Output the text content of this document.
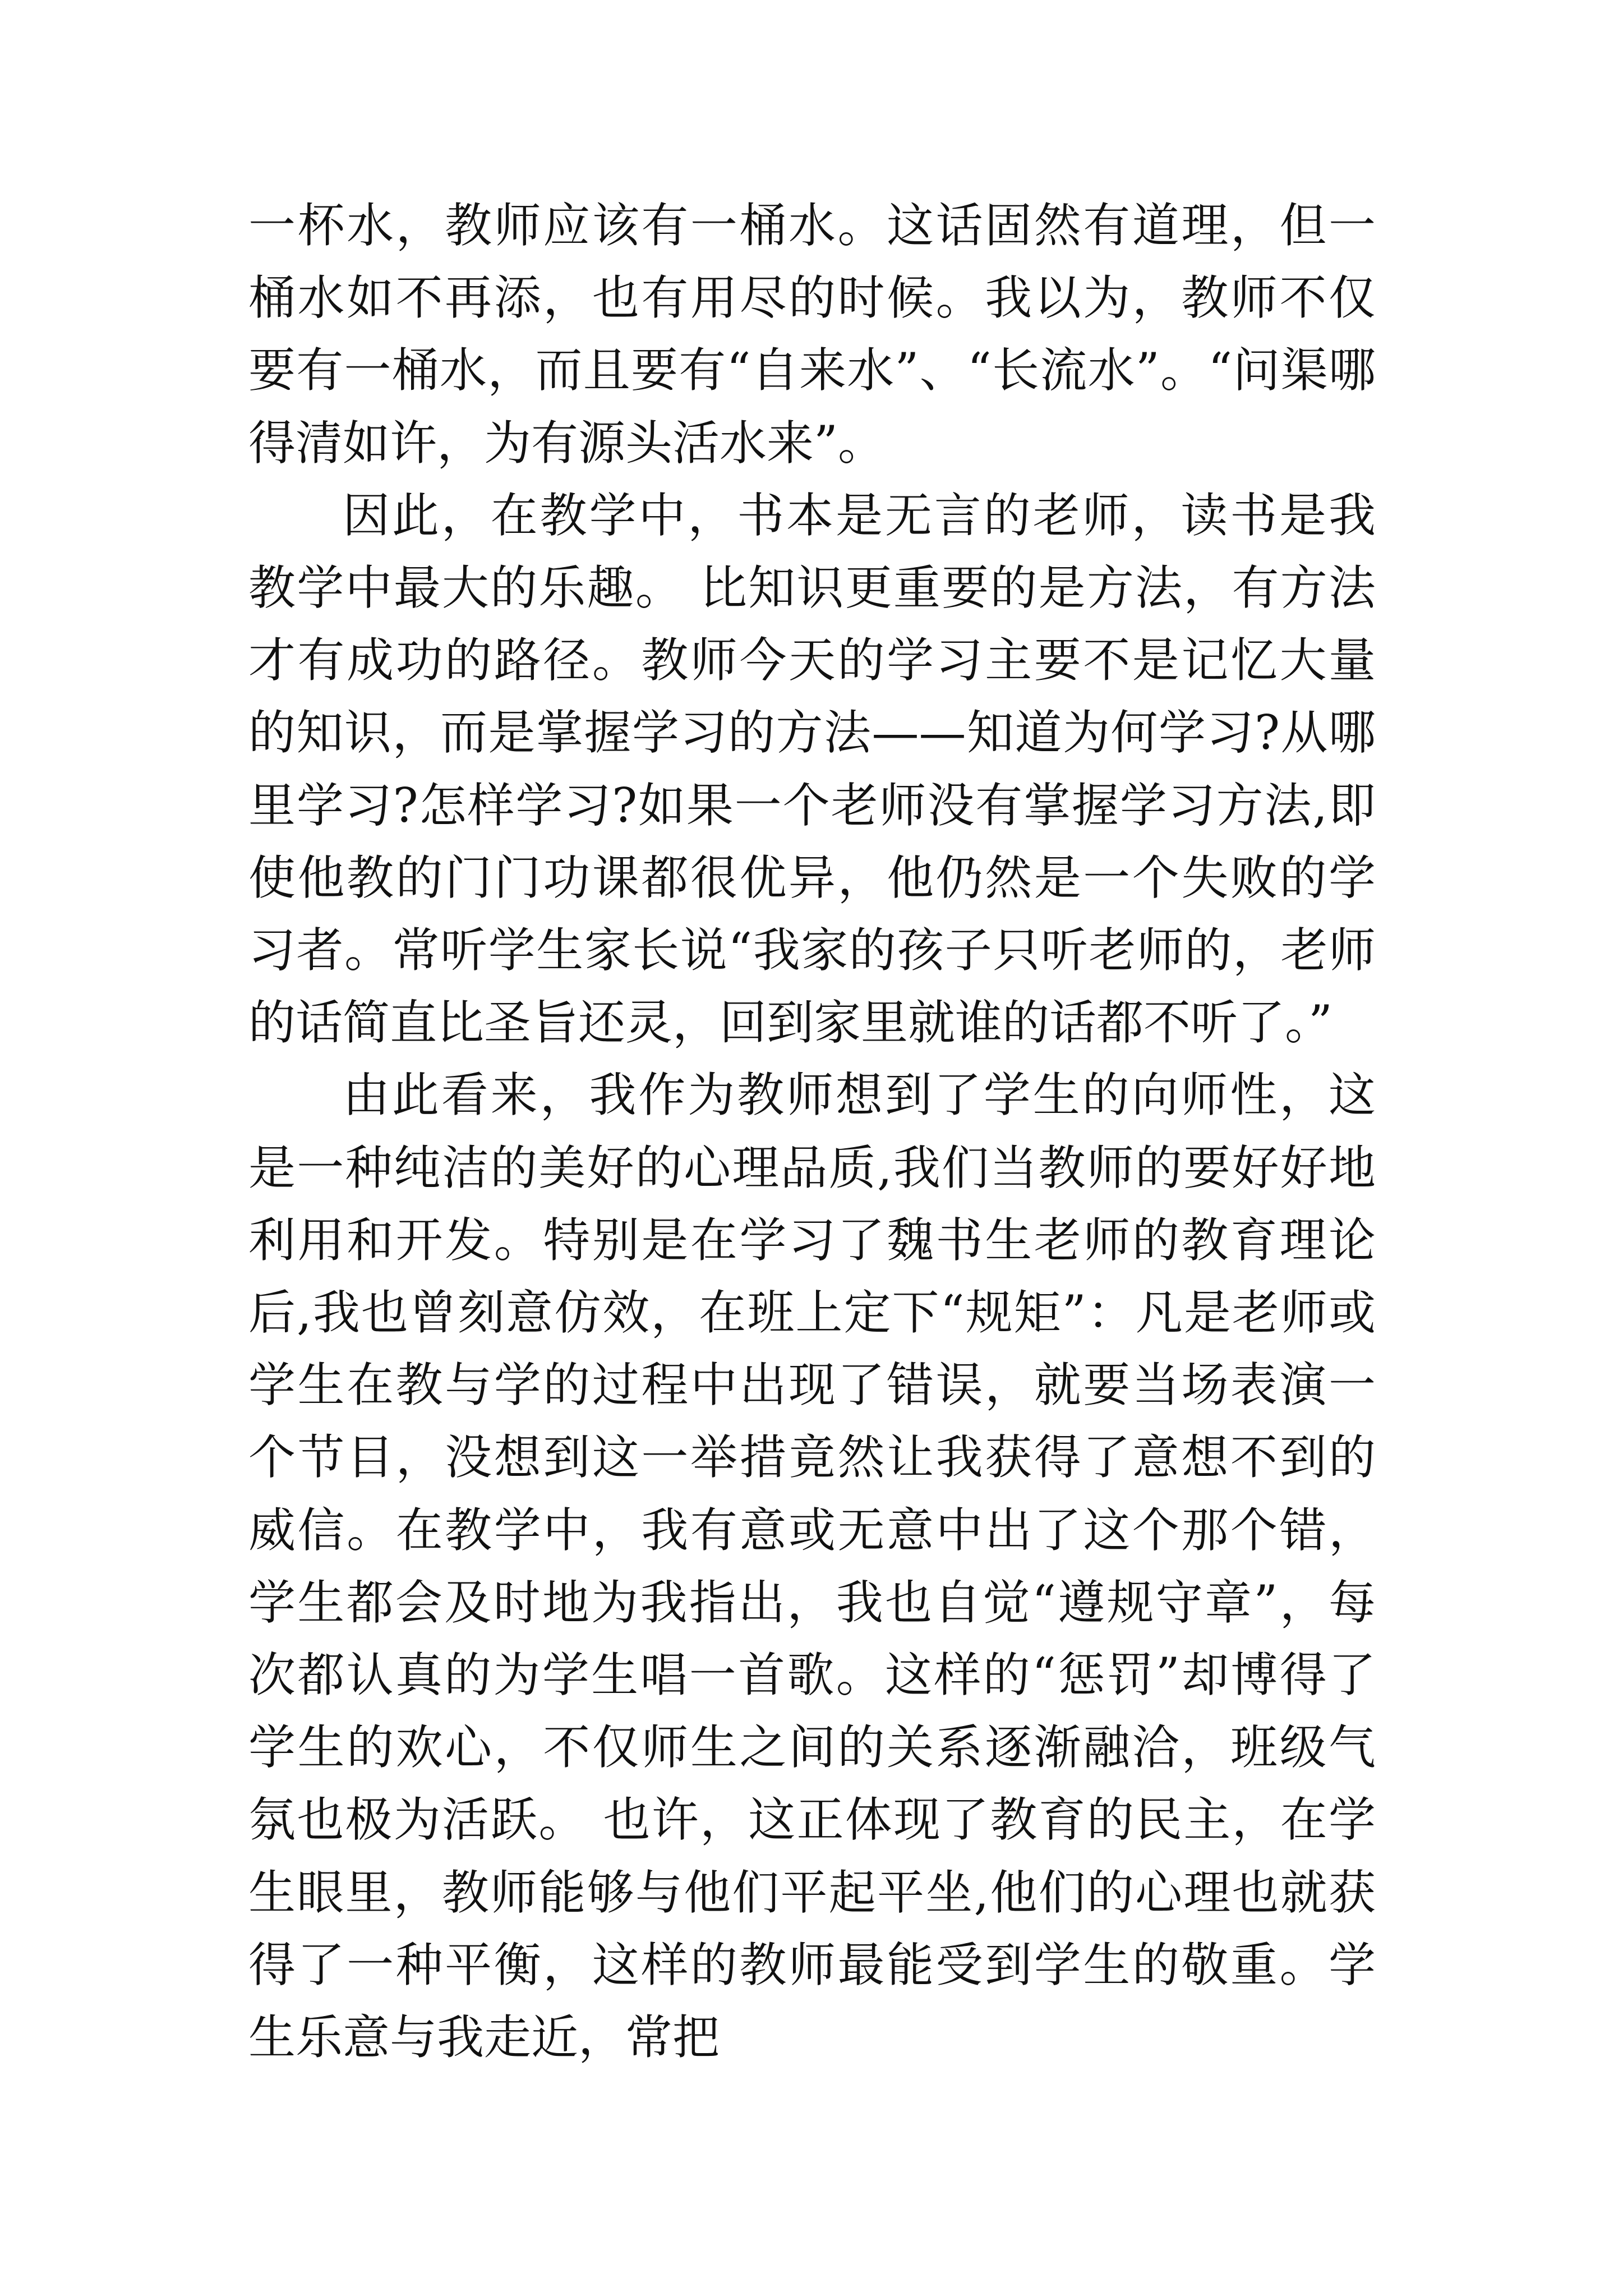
一杯水，教师应该有一桶水。这话固然有道理，但一桶水如不再添，也有用尽的时候。我以为，教师不仅要有一桶水，而且要有“自来水”、“长流水”。“问渠哪得清如许，为有源头活水来”。

因此，在教学中，书本是无言的老师，读书是我教学中最大的乐趣。 比知识更重要的是方法，有方法才有成功的路径。教师今天的学习主要不是记忆大量的知识，而是掌握学习的方法——知道为何学习?从哪里学习?怎样学习?如果一个老师没有掌握学习方法,即使他教的门门功课都很优异，他仍然是一个失败的学习者。常听学生家长说“我家的孩子只听老师的，老师的话简直比圣旨还灵，回到家里就谁的话都不听了。”

由此看来，我作为教师想到了学生的向师性，这是一种纯洁的美好的心理品质,我们当教师的要好好地利用和开发。特别是在学习了魏书生老师的教育理论后,我也曾刻意仿效，在班上定下“规矩”：凡是老师或学生在教与学的过程中出现了错误，就要当场表演一个节目，没想到这一举措竟然让我获得了意想不到的威信。在教学中，我有意或无意中出了这个那个错，学生都会及时地为我指出，我也自觉“遵规守章”，每次都认真的为学生唱一首歌。这样的“惩罚”却博得了学生的欢心，不仅师生之间的关系逐渐融洽，班级气氛也极为活跃。 也许，这正体现了教育的民主，在学生眼里，教师能够与他们平起平坐,他们的心理也就获得了一种平衡，这样的教师最能受到学生的敬重。学生乐意与我走近，常把
